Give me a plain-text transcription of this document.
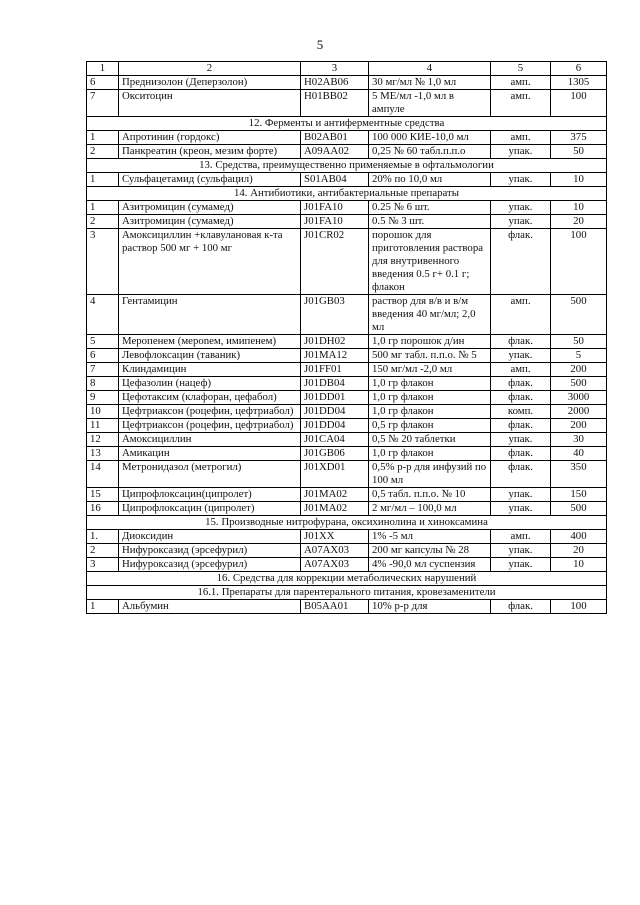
5
1	2	3	4	5	6
6	Преднизолон (Деперзолон)	H02AB06	30 мг/мл № 1,0 мл	амп.	1305
7	Окситоцин	H01BB02	5 МЕ/мл -1,0 мл в ампуле	амп.	100
12. Ферменты и антиферментные средства					
1	Апротинин (гордокс)	B02AB01	100 000 КИЕ-10,0 мл	амп.	375
2	Панкреатин (креон, мезим форте)	A09AA02	0,25 № 60 табл.п.п.о	упак.	50
13. Средства, преимущественно применяемые в офтальмологии					
1	Сульфацетамид (сульфацил)	S01AB04	20% по 10,0 мл	упак.	10
14. Антибиотики, антибактериальные препараты					
1	Азитромицин (сумамед)	J01FA10	0.25 № 6 шт.	упак.	10
2	Азитромицин (сумамед)	J01FA10	0.5 № 3 шт.	упак.	20
3	Амоксициллин +клавулановая к-та раствор 500 мг + 100 мг	J01CR02	порошок для приготовления раствора для внутривенного введения 0.5 г+ 0.1 г; флакон	флак.	100
4	Гентамицин	J01GB03	раствор для в/в и в/м введения 40 мг/мл; 2,0 мл	амп.	500
5	Меропенем (мероnем, имипенем)	J01DH02	1,0 гр порошок д/ин	флак.	50
6	Левофлоксацин (таваник)	J01MA12	500 мг табл. п.п.о. № 5	упак.	5
7	Клиндамицин	J01FF01	150 мг/мл -2,0 мл	амп.	200
8	Цефазолин (нацеф)	J01DB04	1,0 гр флакон	флак.	500
9	Цефотаксим (клафоран, цефабол)	J01DD01	1,0 гр флакон	флак.	3000
10	Цефтриаксон (роцефин, цефтриабол)	J01DD04	1,0 гр флакон	комп.	2000
11	Цефтриаксон (роцефин, цефтриабол)	J01DD04	0,5 гр флакон	флак.	200
12	Амоксициллин	J01CA04	0,5 № 20 таблетки	упак.	30
13	Амикацин	J01GB06	1,0 гр флакон	флак.	40
14	Метронидазол (метрогил)	J01XD01	0,5% р-р для инфузий по 100 мл	флак.	350
15	Ципрофлоксацин(ципролет)	J01MA02	0,5 табл. п.п.о. № 10	упак.	150
16	Ципрофлоксацин (ципролет)	J01MA02	2 мг/мл – 100,0 мл	упак.	500
15. Производные нитрофурана, оксихинолина и хиноксамина					
1.	Диоксидин	J01XX	1% -5 мл	амп.	400
2	Нифуроксазид (эрсефурил)	A07AX03	200 мг капсулы № 28	упак.	20
3	Нифуроксазид (эрсефурил)	A07AX03	4% -90,0 мл суспензия	упак.	10
16. Средства для коррекции метаболических нарушений					
16.1. Препараты для парентерального питания, кровезаменители					
1	Альбумин	B05AA01	10% р-р для	флак.	100
